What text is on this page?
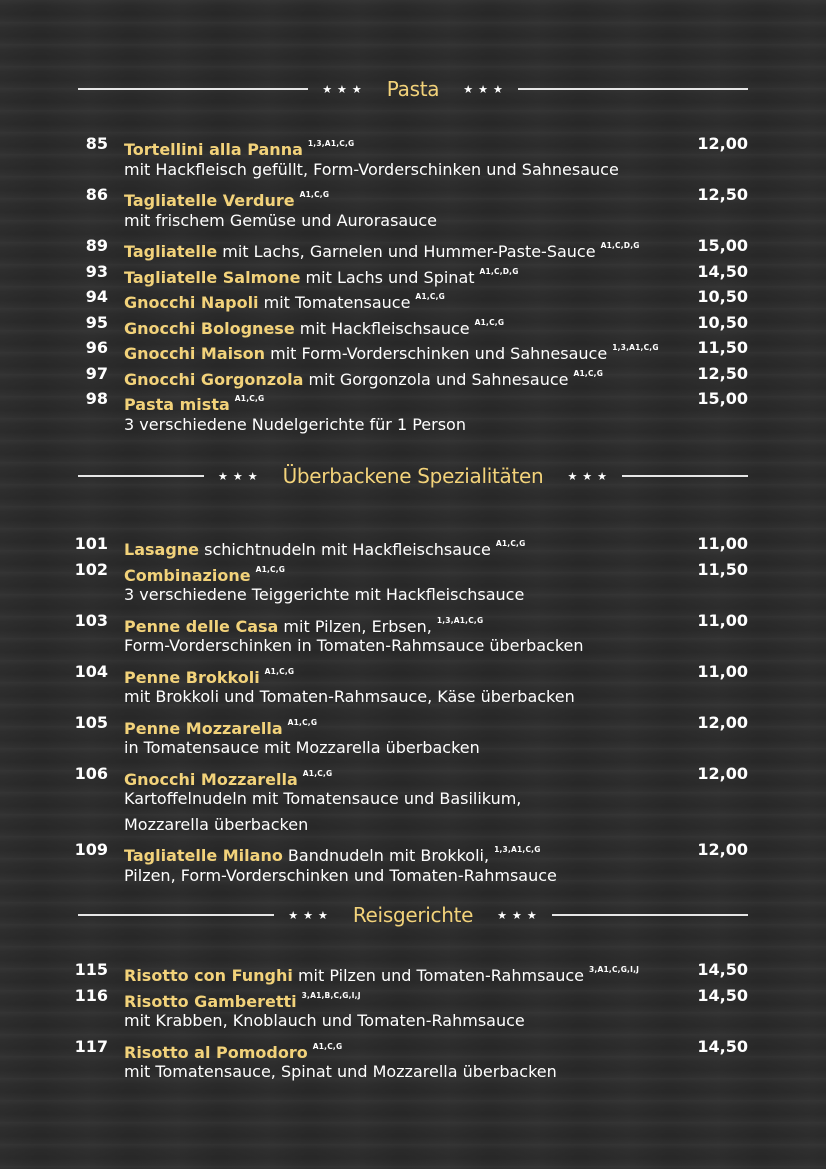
★★★	Pasta	★★★
85 Tortellini alla Panna $^{1,3,A1,C,G}$	12,00
mit Hackfleisch gefüllt, Form-Vorderschinken und Sahnesauce
86 Tagliatelle Verdure $^{A1,C,G}$	12,50
mit frischem Gemüse und Aurorasauce
89 Tagliatelle mit Lachs, Garnelen und Hummer-Paste-Sauce $^{A1,C,D,G}$	15,00
93 Tagliatelle Salmone mit Lachs und Spinat $^{A1,C,D,G}$	14,50
94 Gnocchi Napoli mit Tomatensauce $^{A1,C,G}$	10,50
95 Gnocchi Bolognese mit Hackfleischsauce $^{A1,C,G}$	10,50
96 Gnocchi Maison mit Form-Vorderschinken und Sahnesauce $^{1,3,A1,C,G}$ 11,50
97 Gnocchi Gorgonzola mit Gorgonzola und Sahnesauce $^{A1,C,G}$	12,50
98 Pasta mista $^{A1,C,G}$	15,00
3 verschiedene Nudelgerichte für 1 Person
★★★	Überbackene Spezialitäten	★★★
101 Lasagne schichtnudeln mit Hackfleischsauce $^{A1,C,G}$	11,00
102 Combinazione $^{A1,C,G}$	11,50
3 verschiedene Teiggerichte mit Hackfleischsauce
103 Penne delle Casa mit Pilzen, Erbsen, $^{1,3,A1,C,G}$	11,00
Form-Vorderschinken in Tomaten-Rahmsauce überbacken
104 Penne Brokkoli $^{A1,C,G}$	11,00
mit Brokkoli und Tomaten-Rahmsauce, Käse überbacken
105 Penne Mozzarella $^{A1,C,G}$	12,00
in Tomatensauce mit Mozzarella überbacken
106 Gnocchi Mozzarella $^{A1,C,G}$	12,00
Kartoffelnudeln mit Tomatensauce und Basilikum,
Mozzarella überbacken
109 Tagliatelle Milano Bandnudeln mit Brokkoli, $^{1,3,A1,C,G}$	12,00
Pilzen, Form-Vorderschinken und Tomaten-Rahmsauce
★★★	Reisgerichte	★★★
115 Risotto con Funghi mit Pilzen und Tomaten-Rahmsauce $^{3,A1,C,G,I,J}$	14,50
116 Risotto Gamberetti $^{3,A1,B,C,G,I,J}$	14,50
mit Krabben, Knoblauch und Tomaten-Rahmsauce
117 Risotto al Pomodoro $^{A1,C,G}$	14,50
mit Tomatensauce, Spinat und Mozzarella überbacken
